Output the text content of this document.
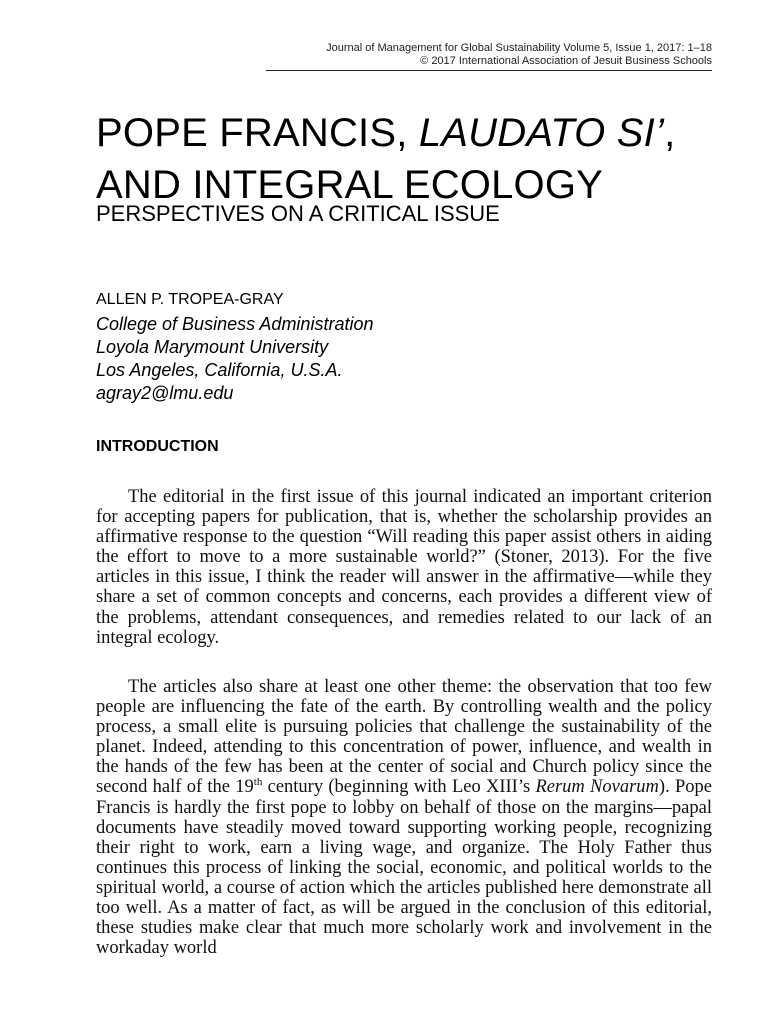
Journal of Management for Global Sustainability Volume 5, Issue 1, 2017: 1–18
© 2017 International Association of Jesuit Business Schools
POPE FRANCIS, LAUDATO SI’,
AND INTEGRAL ECOLOGY
PERSPECTIVES ON A CRITICAL ISSUE
ALLEN P. TROPEA-GRAY
College of Business Administration
Loyola Marymount University
Los Angeles, California, U.S.A.
agray2@lmu.edu
INTRODUCTION

The editorial in the first issue of this journal indicated an important criterion for accepting papers for publication, that is, whether the scholarship provides an affirmative response to the question “Will reading this paper assist others in aiding the effort to move to a more sustainable world?” (Stoner, 2013). For the five articles in this issue, I think the reader will answer in the affirmative—while they share a set of common concepts and concerns, each provides a different view of the problems, attendant consequences, and remedies related to our lack of an integral ecology.

The articles also share at least one other theme: the observation that too few people are influencing the fate of the earth. By controlling wealth and the policy process, a small elite is pursuing policies that challenge the sustainability of the planet. Indeed, attending to this concentration of power, influence, and wealth in the hands of the few has been at the center of social and Church policy since the second half of the 19th century (beginning with Leo XIII’s Rerum Novarum). Pope Francis is hardly the first pope to lobby on behalf of those on the margins—papal documents have steadily moved toward supporting working people, recognizing their right to work, earn a living wage, and organize. The Holy Father thus continues this process of linking the social, economic, and political worlds to the spiritual world, a course of action which the articles published here demonstrate all too well. As a matter of fact, as will be argued in the conclusion of this editorial, these studies make clear that much more scholarly work and involvement in the workaday world
